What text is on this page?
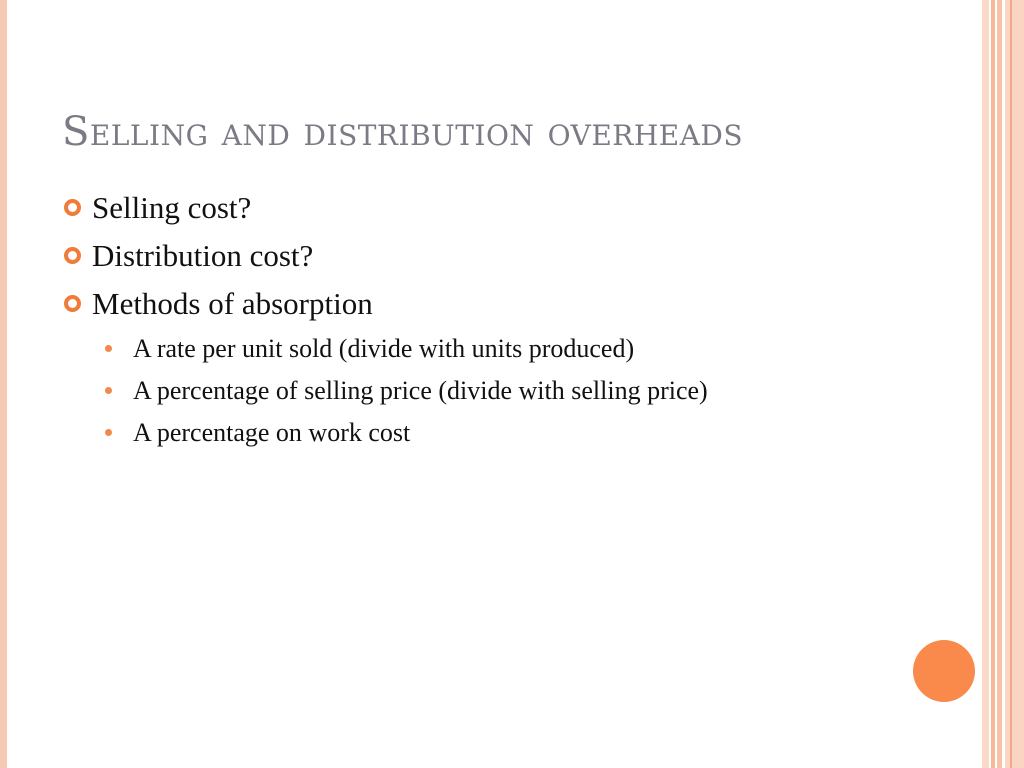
Selling and distribution overheads
Selling cost?
Distribution cost?
Methods of absorption
A rate per unit sold (divide with units produced)
A percentage of selling price (divide with selling price)
A percentage on work cost
